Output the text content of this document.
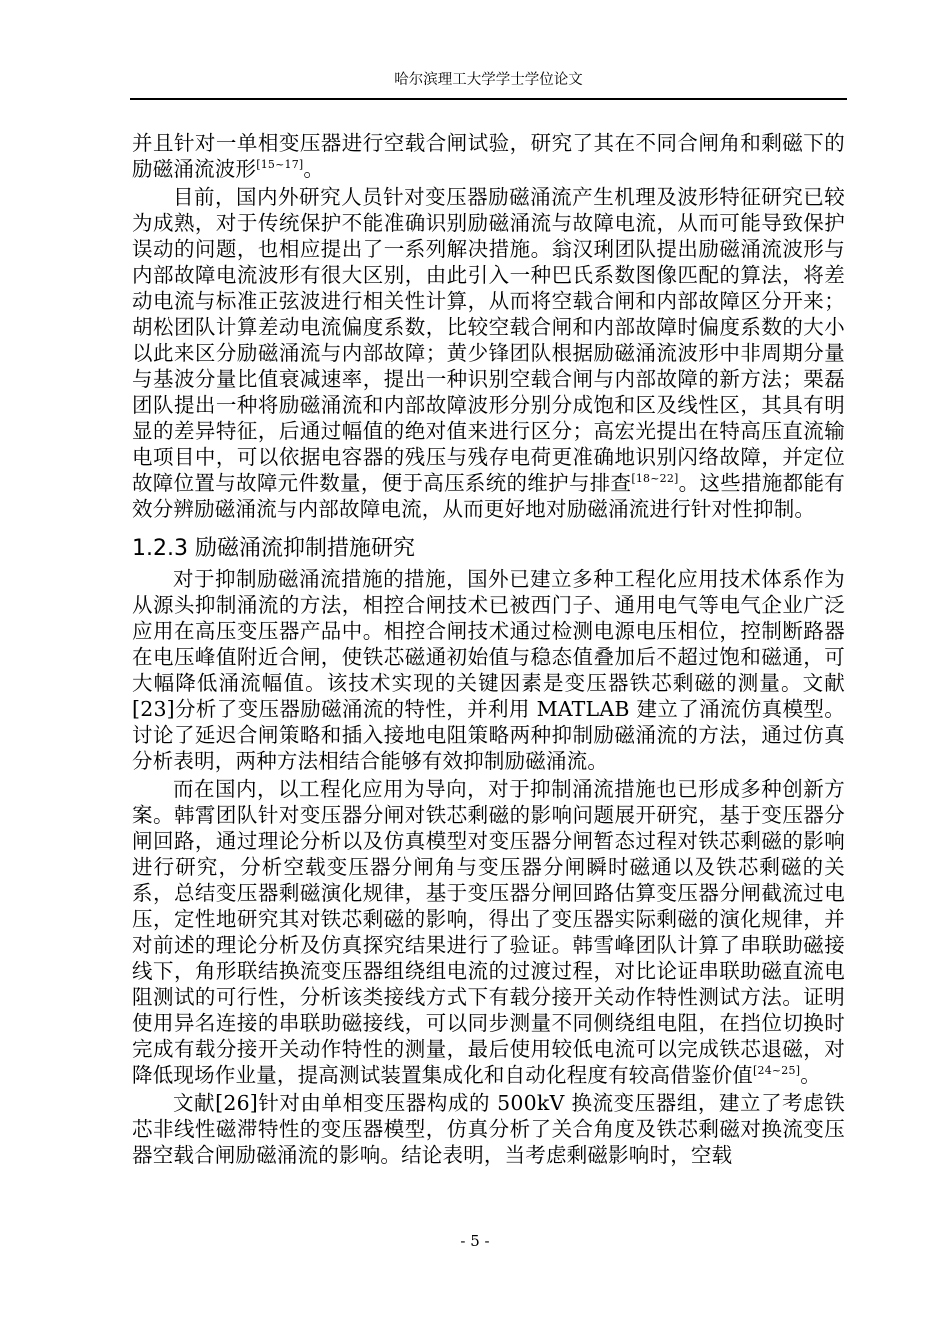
哈尔滨理工大学学士学位论文

并且针对一单相变压器进行空载合闸试验，研究了其在不同合闸角和剩磁下的励磁涌流波形[15~17]。

目前，国内外研究人员针对变压器励磁涌流产生机理及波形特征研究已较为成熟，对于传统保护不能准确识别励磁涌流与故障电流，从而可能导致保护误动的问题，也相应提出了一系列解决措施。翁汉琍团队提出励磁涌流波形与内部故障电流波形有很大区别，由此引入一种巴氏系数图像匹配的算法，将差动电流与标准正弦波进行相关性计算，从而将空载合闸和内部故障区分开来；胡松团队计算差动电流偏度系数，比较空载合闸和内部故障时偏度系数的大小以此来区分励磁涌流与内部故障；黄少锋团队根据励磁涌流波形中非周期分量与基波分量比值衰减速率，提出一种识别空载合闸与内部故障的新方法；栗磊团队提出一种将励磁涌流和内部故障波形分别分成饱和区及线性区，其具有明显的差异特征，后通过幅值的绝对值来进行区分；高宏光提出在特高压直流输电项目中，可以依据电容器的残压与残存电荷更准确地识别闪络故障，并定位故障位置与故障元件数量，便于高压系统的维护与排查[18~22]。这些措施都能有效分辨励磁涌流与内部故障电流，从而更好地对励磁涌流进行针对性抑制。

1.2.3 励磁涌流抑制措施研究

对于抑制励磁涌流措施的措施，国外已建立多种工程化应用技术体系作为从源头抑制涌流的方法，相控合闸技术已被西门子、通用电气等电气企业广泛应用在高压变压器产品中。相控合闸技术通过检测电源电压相位，控制断路器在电压峰值附近合闸，使铁芯磁通初始值与稳态值叠加后不超过饱和磁通，可大幅降低涌流幅值。该技术实现的关键因素是变压器铁芯剩磁的测量。文献[23]分析了变压器励磁涌流的特性，并利用 MATLAB 建立了涌流仿真模型。讨论了延迟合闸策略和插入接地电阻策略两种抑制励磁涌流的方法，通过仿真分析表明，两种方法相结合能够有效抑制励磁涌流。

而在国内，以工程化应用为导向，对于抑制涌流措施也已形成多种创新方案。韩霄团队针对变压器分闸对铁芯剩磁的影响问题展开研究，基于变压器分闸回路，通过理论分析以及仿真模型对变压器分闸暂态过程对铁芯剩磁的影响进行研究，分析空载变压器分闸角与变压器分闸瞬时磁通以及铁芯剩磁的关系，总结变压器剩磁演化规律，基于变压器分闸回路估算变压器分闸截流过电压，定性地研究其对铁芯剩磁的影响，得出了变压器实际剩磁的演化规律，并对前述的理论分析及仿真探究结果进行了验证。韩雪峰团队计算了串联助磁接线下，角形联结换流变压器组绕组电流的过渡过程，对比论证串联助磁直流电阻测试的可行性，分析该类接线方式下有载分接开关动作特性测试方法。证明使用异名连接的串联助磁接线，可以同步测量不同侧绕组电阻，在挡位切换时完成有载分接开关动作特性的测量，最后使用较低电流可以完成铁芯退磁，对降低现场作业量，提高测试装置集成化和自动化程度有较高借鉴价值[24~25]。

文献[26]针对由单相变压器构成的 500kV 换流变压器组，建立了考虑铁芯非线性磁滞特性的变压器模型，仿真分析了关合角度及铁芯剩磁对换流变压器空载合闸励磁涌流的影响。结论表明，当考虑剩磁影响时，空载

- 5 -
